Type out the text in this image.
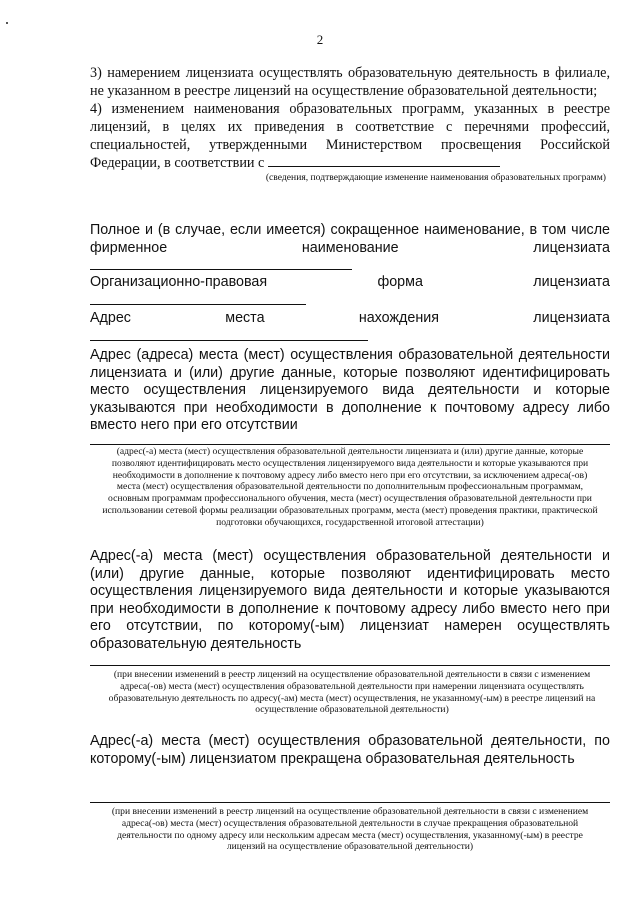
2

3) намерением лицензиата осуществлять образовательную деятельность в филиале, не указанном в реестре лицензий на осуществление образовательной деятельности;

4) изменением наименования образовательных программ, указанных в реестре лицензий, в целях их приведения в соответствие с перечнями профессий, специальностей, утвержденными Министерством просвещения Российской Федерации, в соответствии с

(сведения, подтверждающие изменение наименования образовательных программ)

Полное и (в случае, если имеется) сокращенное наименование, в том числе фирменное наименование лицензиата

Организационно-правовая форма лицензиата

Адрес места нахождения лицензиата

Адрес (адреса) места (мест) осуществления образовательной деятельности лицензиата и (или) другие данные, которые позволяют идентифицировать место осуществления лицензируемого вида деятельности и которые указываются при необходимости в дополнение к почтовому адресу либо вместо него при его отсутствии

(адрес(-а) места (мест) осуществления образовательной деятельности лицензиата и (или) другие данные, которые позволяют идентифицировать место осуществления лицензируемого вида деятельности и которые указываются при необходимости в дополнение к почтовому адресу либо вместо него при его отсутствии, за исключением адреса(-ов) места (мест) осуществления образовательной деятельности по дополнительным профессиональным программам, основным программам профессионального обучения, места (мест) осуществления образовательной деятельности при использовании сетевой формы реализации образовательных программ, места (мест) проведения практики, практической подготовки обучающихся, государственной итоговой аттестации)

Адрес(-а) места (мест) осуществления образовательной деятельности и (или) другие данные, которые позволяют идентифицировать место осуществления лицензируемого вида деятельности и которые указываются при необходимости в дополнение к почтовому адресу либо вместо него при его отсутствии, по которому(-ым) лицензиат намерен осуществлять образовательную деятельность

(при внесении изменений в реестр лицензий на осуществление образовательной деятельности в связи с изменением адреса(-ов) места (мест) осуществления образовательной деятельности при намерении лицензиата осуществлять образовательную деятельность по адресу(-ам) места (мест) осуществления, не указанному(-ым) в реестре лицензий на осуществление образовательной деятельности)

Адрес(-а) места (мест) осуществления образовательной деятельности, по которому(-ым) лицензиатом прекращена образовательная деятельность

(при внесении изменений в реестр лицензий на осуществление образовательной деятельности в связи с изменением адреса(-ов) места (мест) осуществления образовательной деятельности в случае прекращения образовательной деятельности по одному адресу или нескольким адресам места (мест) осуществления, указанному(-ым) в реестре лицензий на осуществление образовательной деятельности)
